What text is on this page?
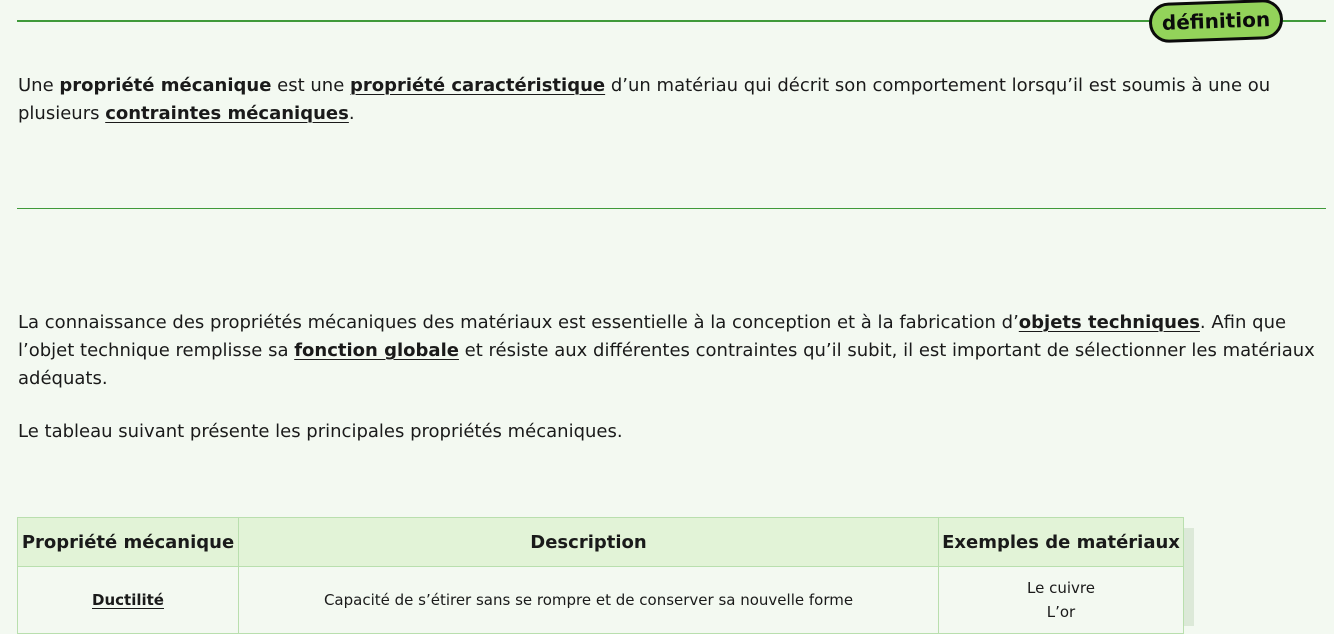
définition

Une propriété mécanique est une propriété caractéristique d’un matériau qui décrit son comportement lorsqu’il est soumis à une ou plusieurs contraintes mécaniques.

La connaissance des propriétés mécaniques des matériaux est essentielle à la conception et à la fabrication d’objets techniques. Afin que l’objet technique remplisse sa fonction globale et résiste aux différentes contraintes qu’il subit, il est important de sélectionner les matériaux adéquats.

Le tableau suivant présente les principales propriétés mécaniques.

Propriété mécanique	Description	Exemples de matériaux
Ductilité	Capacité de s’étirer sans se rompre et de conserver sa nouvelle forme	Le cuivre
L’or
